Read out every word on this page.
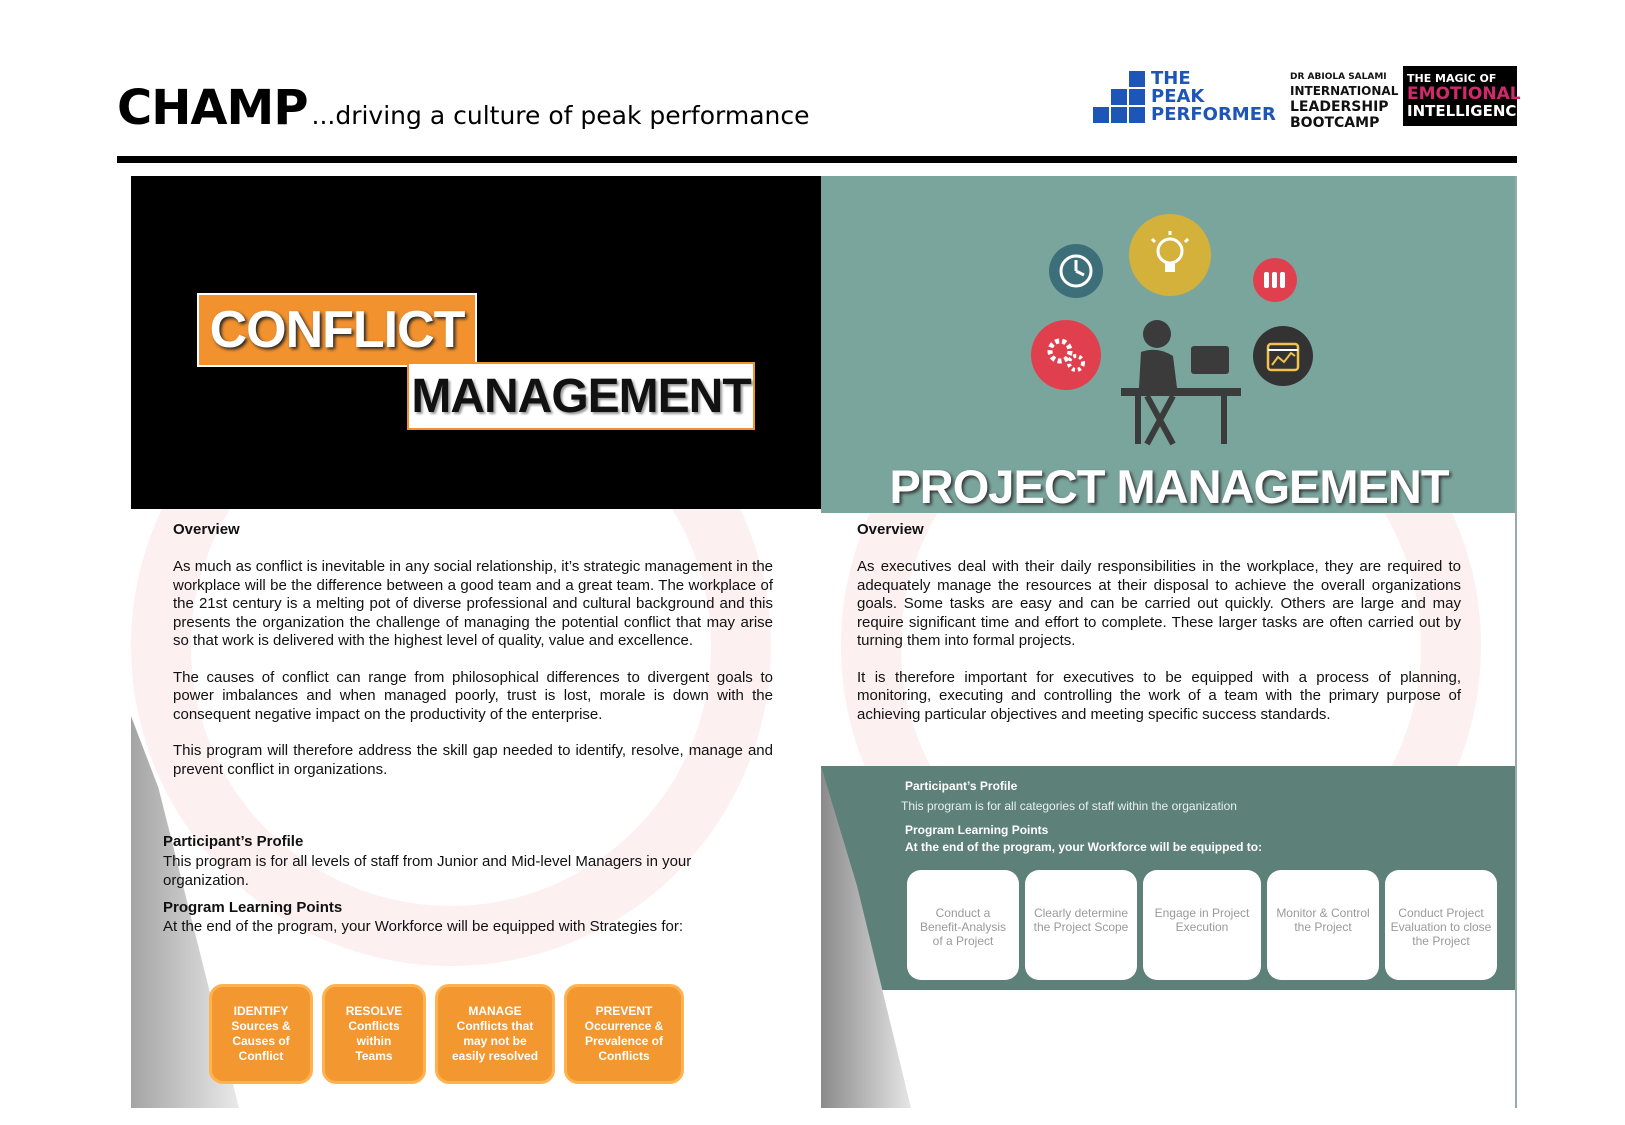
CHAMP ...driving a culture of peak performance
THE
PEAK
PERFORMER
DR ABIOLA SALAMI
INTERNATIONAL
LEADERSHIP
BOOTCAMP
THE MAGIC OF
EMOTIONAL
INTELLIGENCE
CONFLICT
MANAGEMENT
Overview

As much as conflict is inevitable in any social relationship, it’s strategic management in the workplace will be the difference between a good team and a great team. The workplace of the 21st century is a melting pot of diverse professional and cultural background and this presents the organization the challenge of managing the potential conflict that may arise so that work is delivered with the highest level of quality, value and excellence.

The causes of conflict can range from philosophical differences to divergent goals to power imbalances and when managed poorly, trust is lost, morale is down with the consequent negative impact on the productivity of the enterprise.

This program will therefore address the skill gap needed to identify, resolve, manage and prevent conflict in organizations.

Participant’s Profile
This program is for all levels of staff from Junior and Mid-level Managers in your organization.
Program Learning Points
At the end of the program, your Workforce will be equipped with Strategies for:
IDENTIFY
Sources &
Causes of
Conflict
RESOLVE
Conflicts
within
Teams
MANAGE
Conflicts that
may not be
easily resolved
PREVENT
Occurrence &
Prevalence of
Conflicts
PROJECT MANAGEMENT
Overview

As executives deal with their daily responsibilities in the workplace, they are required to adequately manage the resources at their disposal to achieve the overall organizations goals. Some tasks are easy and can be carried out quickly. Others are large and may require significant time and effort to complete. These larger tasks are often carried out by turning them into formal projects.

It is therefore important for executives to be equipped with a process of planning, monitoring, executing and controlling the work of a team with the primary purpose of achieving particular objectives and meeting specific success standards.

Participant’s Profile
This program is for all categories of staff within the organization
Program Learning Points
At the end of the program, your Workforce will be equipped to:
Conduct a
Benefit-Analysis
of a Project
Clearly determine
the Project Scope
Engage in Project
Execution
Monitor & Control
the Project
Conduct Project
Evaluation to close
the Project
